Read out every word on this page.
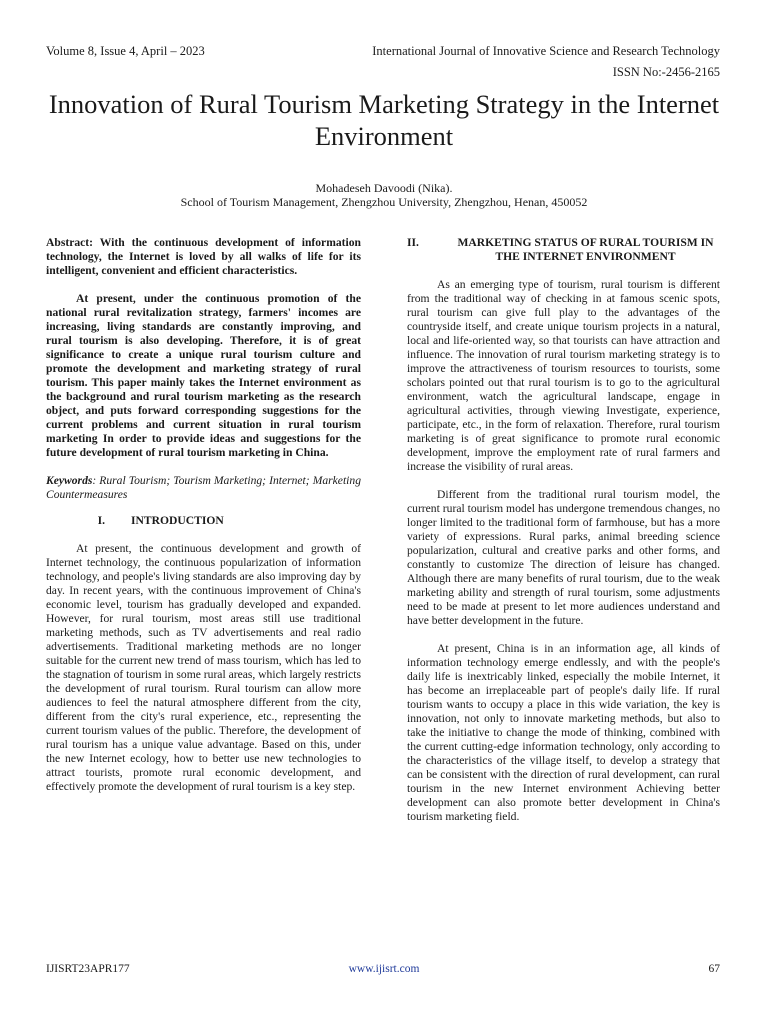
Volume 8, Issue 4, April – 2023	International Journal of Innovative Science and Research Technology
ISSN No:-2456-2165
Innovation of Rural Tourism Marketing Strategy in the Internet Environment
Mohadeseh Davoodi (Nika).
School of Tourism Management, Zhengzhou University, Zhengzhou, Henan, 450052

Abstract: With the continuous development of information technology, the Internet is loved by all walks of life for its intelligent, convenient and efficient characteristics.

At present, under the continuous promotion of the national rural revitalization strategy, farmers' incomes are increasing, living standards are constantly improving, and rural tourism is also developing. Therefore, it is of great significance to create a unique rural tourism culture and promote the development and marketing strategy of rural tourism. This paper mainly takes the Internet environment as the background and rural tourism marketing as the research object, and puts forward corresponding suggestions for the current problems and current situation in rural tourism marketing In order to provide ideas and suggestions for the future development of rural tourism marketing in China.

Keywords: Rural Tourism; Tourism Marketing; Internet; Marketing Countermeasures

I.	INTRODUCTION

At present, the continuous development and growth of Internet technology, the continuous popularization of information technology, and people's living standards are also improving day by day. In recent years, with the continuous improvement of China's economic level, tourism has gradually developed and expanded. However, for rural tourism, most areas still use traditional marketing methods, such as TV advertisements and real radio advertisements. Traditional marketing methods are no longer suitable for the current new trend of mass tourism, which has led to the stagnation of tourism in some rural areas, which largely restricts the development of rural tourism. Rural tourism can allow more audiences to feel the natural atmosphere different from the city, different from the city's rural experience, etc., representing the current tourism values of the public. Therefore, the development of rural tourism has a unique value advantage. Based on this, under the new Internet ecology, how to better use new technologies to attract tourists, promote rural economic development, and effectively promote the development of rural tourism is a key step.

II.	MARKETING STATUS OF RURAL TOURISM IN THE INTERNET ENVIRONMENT

As an emerging type of tourism, rural tourism is different from the traditional way of checking in at famous scenic spots, rural tourism can give full play to the advantages of the countryside itself, and create unique tourism projects in a natural, local and life-oriented way, so that tourists can have attraction and influence. The innovation of rural tourism marketing strategy is to improve the attractiveness of tourism resources to tourists, some scholars pointed out that rural tourism is to go to the agricultural environment, watch the agricultural landscape, engage in agricultural activities, through viewing Investigate, experience, participate, etc., in the form of relaxation. Therefore, rural tourism marketing is of great significance to promote rural economic development, improve the employment rate of rural farmers and increase the visibility of rural areas.

Different from the traditional rural tourism model, the current rural tourism model has undergone tremendous changes, no longer limited to the traditional form of farmhouse, but has a more variety of expressions. Rural parks, animal breeding science popularization, cultural and creative parks and other forms, and constantly to customize The direction of leisure has changed. Although there are many benefits of rural tourism, due to the weak marketing ability and strength of rural tourism, some adjustments need to be made at present to let more audiences understand and have better development in the future.

At present, China is in an information age, all kinds of information technology emerge endlessly, and with the people's daily life is inextricably linked, especially the mobile Internet, it has become an irreplaceable part of people's daily life. If rural tourism wants to occupy a place in this wide variation, the key is innovation, not only to innovate marketing methods, but also to take the initiative to change the mode of thinking, combined with the current cutting-edge information technology, only according to the characteristics of the village itself, to develop a strategy that can be consistent with the direction of rural development, can rural tourism in the new Internet environment Achieving better development can also promote better development in China's tourism marketing field.

IJISRT23APR177	www.ijisrt.com	67
